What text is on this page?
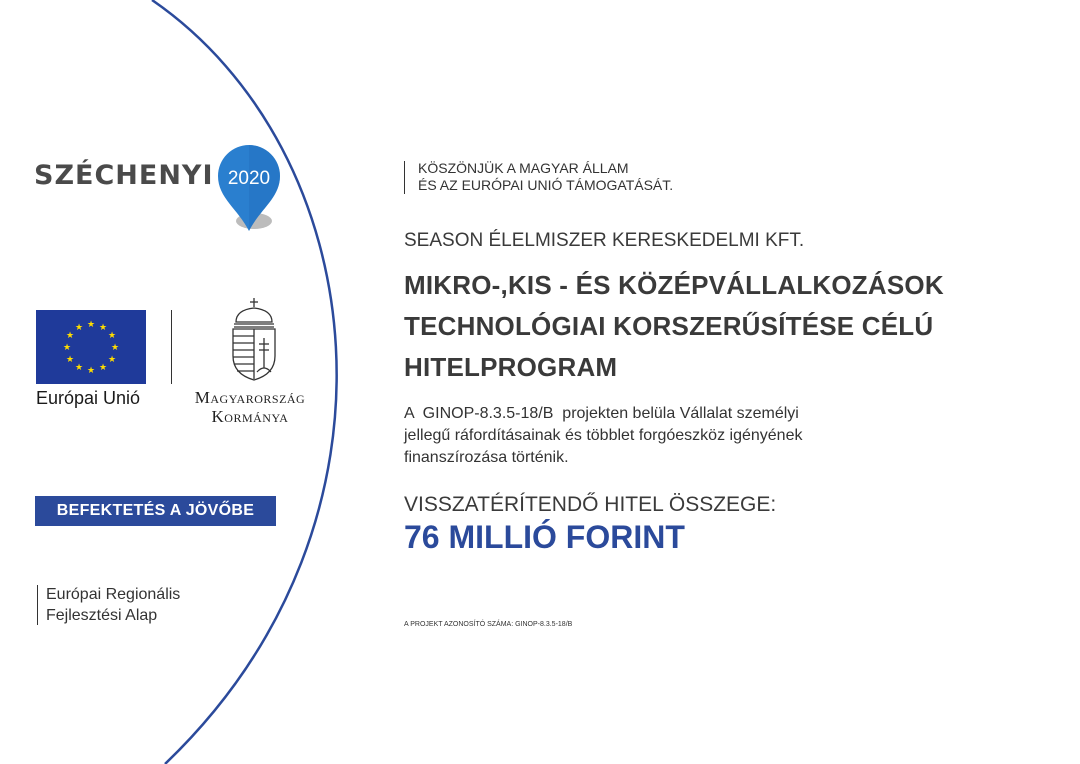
SZÉCHENYI 2020
★ ★
★
★
★
★
★
★
★
★
★
★
Európai Unió	Magyarország
Kormánya
BEFEKTETÉS A JÖVŐBE
Európai Regionális
Fejlesztési Alap
KÖSZÖNJÜK A MAGYAR ÁLLAM
ÉS AZ EURÓPAI UNIÓ TÁMOGATÁSÁT.
SEASON ÉLELMISZER KERESKEDELMI KFT.
MIKRO-,KIS - ÉS KÖZÉPVÁLLALKOZÁSOK
TECHNOLÓGIAI KORSZERŰSÍTÉSE CÉLÚ
HITELPROGRAM
A  GINOP-8.3.5-18/B  projekten belüla Vállalat személyi
jellegű ráfordításainak és többlet forgóeszköz igényének
finanszírozása történik.
VISSZATÉRÍTENDŐ HITEL ÖSSZEGE:
76 MILLIÓ FORINT
A PROJEKT AZONOSÍTÓ SZÁMA: GINOP-8.3.5-18/B
